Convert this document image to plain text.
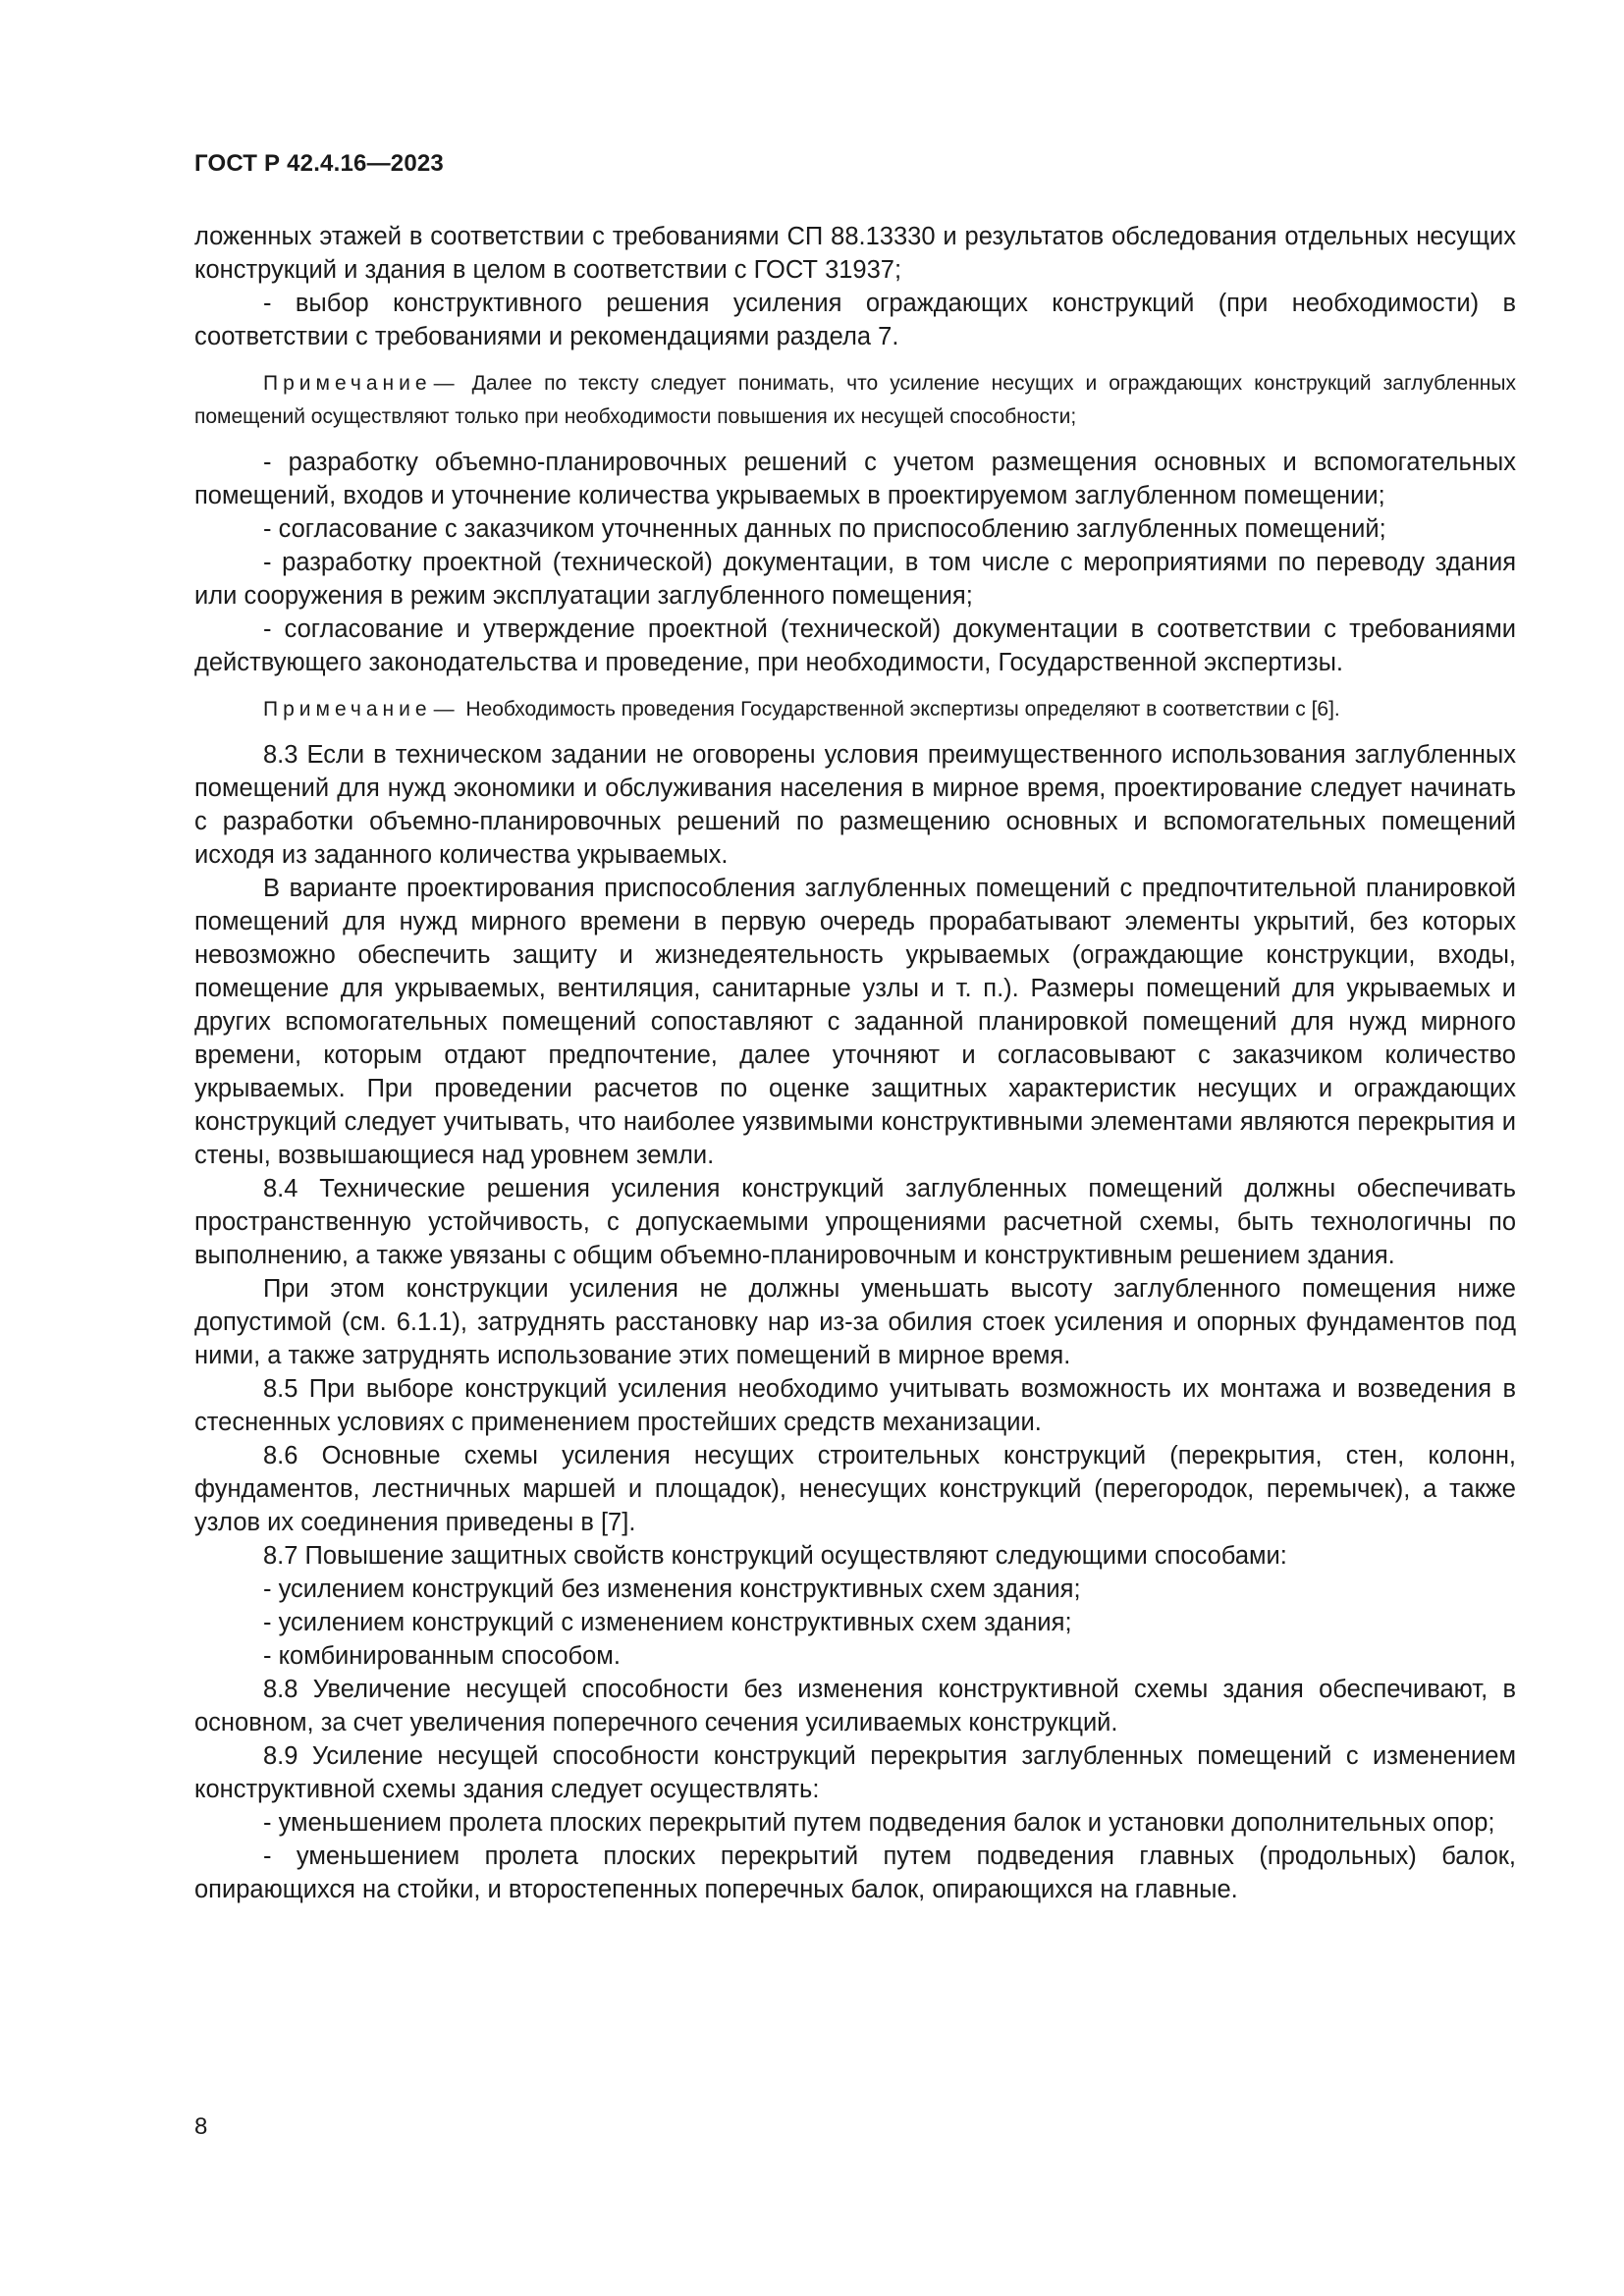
ГОСТ Р 42.4.16—2023

ложенных этажей в соответствии с требованиями СП 88.13330 и результатов обследования отдельных несущих конструкций и здания в целом в соответствии с ГОСТ 31937;

- выбор конструктивного решения усиления ограждающих конструкций (при необходимости) в соответствии с требованиями и рекомендациями раздела 7.

Примечание— Далее по тексту следует понимать, что усиление несущих и ограждающих конструкций заглубленных помещений осуществляют только при необходимости повышения их несущей способности;

- разработку объемно-планировочных решений с учетом размещения основных и вспомогательных помещений, входов и уточнение количества укрываемых в проектируемом заглубленном помещении;

- согласование с заказчиком уточненных данных по приспособлению заглубленных помещений;

- разработку проектной (технической) документации, в том числе с мероприятиями по переводу здания или сооружения в режим эксплуатации заглубленного помещения;

- согласование и утверждение проектной (технической) документации в соответствии с требованиями действующего законодательства и проведение, при необходимости, Государственной экспертизы.

Примечание— Необходимость проведения Государственной экспертизы определяют в соответствии с [6].

8.3 Если в техническом задании не оговорены условия преимущественного использования заглубленных помещений для нужд экономики и обслуживания населения в мирное время, проектирование следует начинать с разработки объемно-планировочных решений по размещению основных и вспомогательных помещений исходя из заданного количества укрываемых.

В варианте проектирования приспособления заглубленных помещений с предпочтительной планировкой помещений для нужд мирного времени в первую очередь прорабатывают элементы укрытий, без которых невозможно обеспечить защиту и жизнедеятельность укрываемых (ограждающие конструкции, входы, помещение для укрываемых, вентиляция, санитарные узлы и т. п.). Размеры помещений для укрываемых и других вспомогательных помещений сопоставляют с заданной планировкой помещений для нужд мирного времени, которым отдают предпочтение, далее уточняют и согласовывают с заказчиком количество укрываемых. При проведении расчетов по оценке защитных характеристик несущих и ограждающих конструкций следует учитывать, что наиболее уязвимыми конструктивными элементами являются перекрытия и стены, возвышающиеся над уровнем земли.

8.4 Технические решения усиления конструкций заглубленных помещений должны обеспечивать пространственную устойчивость, с допускаемыми упрощениями расчетной схемы, быть технологичны по выполнению, а также увязаны с общим объемно-планировочным и конструктивным решением здания.

При этом конструкции усиления не должны уменьшать высоту заглубленного помещения ниже допустимой (см. 6.1.1), затруднять расстановку нар из-за обилия стоек усиления и опорных фундаментов под ними, а также затруднять использование этих помещений в мирное время.

8.5 При выборе конструкций усиления необходимо учитывать возможность их монтажа и возведения в стесненных условиях с применением простейших средств механизации.

8.6 Основные схемы усиления несущих строительных конструкций (перекрытия, стен, колонн, фундаментов, лестничных маршей и площадок), ненесущих конструкций (перегородок, перемычек), а также узлов их соединения приведены в [7].

8.7 Повышение защитных свойств конструкций осуществляют следующими способами:

- усилением конструкций без изменения конструктивных схем здания;

- усилением конструкций с изменением конструктивных схем здания;

- комбинированным способом.

8.8 Увеличение несущей способности без изменения конструктивной схемы здания обеспечивают, в основном, за счет увеличения поперечного сечения усиливаемых конструкций.

8.9 Усиление несущей способности конструкций перекрытия заглубленных помещений с изменением конструктивной схемы здания следует осуществлять:

- уменьшением пролета плоских перекрытий путем подведения балок и установки дополнительных опор;

- уменьшением пролета плоских перекрытий путем подведения главных (продольных) балок, опирающихся на стойки, и второстепенных поперечных балок, опирающихся на главные.

8
